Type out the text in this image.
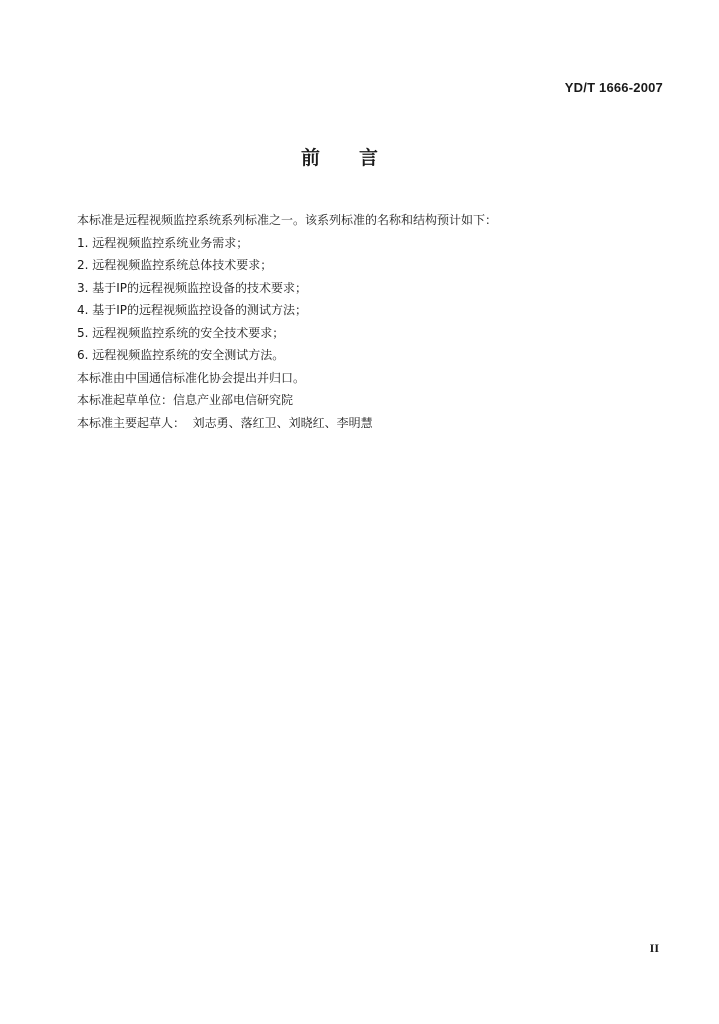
YD/T 1666-2007
前 言
本标准是远程视频监控系统系列标准之一。该系列标准的名称和结构预计如下：
1. 远程视频监控系统业务需求；
2. 远程视频监控系统总体技术要求；
3. 基于IP的远程视频监控设备的技术要求；
4. 基于IP的远程视频监控设备的测试方法；
5. 远程视频监控系统的安全技术要求；
6. 远程视频监控系统的安全测试方法。
本标准由中国通信标准化协会提出并归口。
本标准起草单位：信息产业部电信研究院
本标准主要起草人：  刘志勇、落红卫、刘晓红、李明慧
II
